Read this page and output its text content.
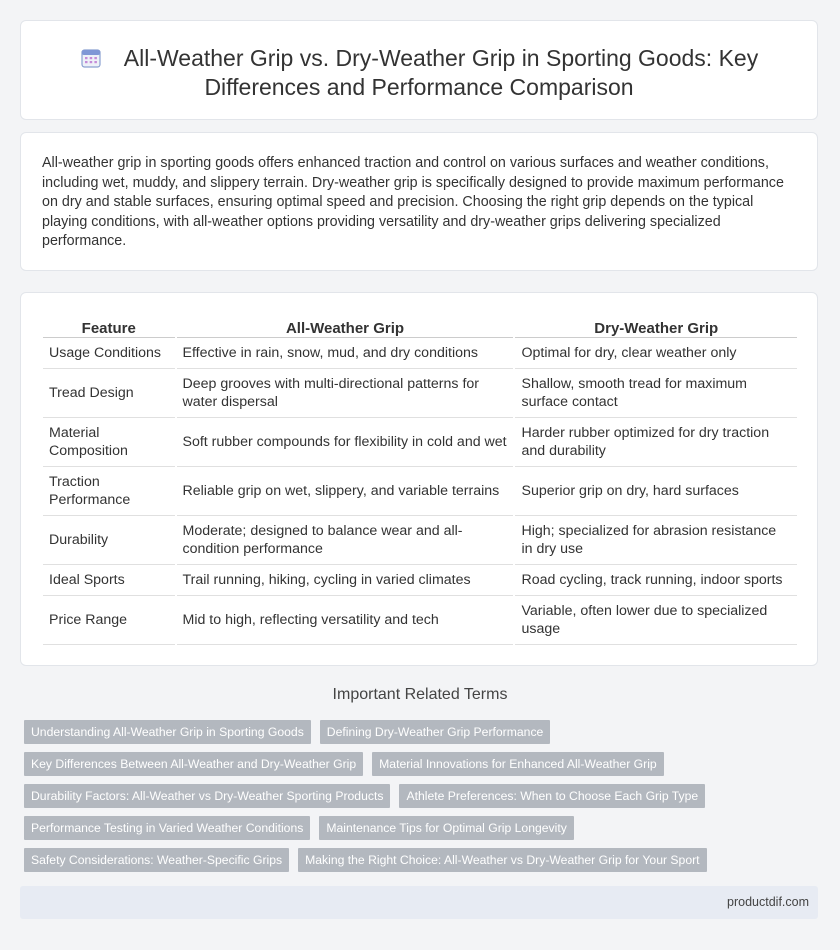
All-Weather Grip vs. Dry-Weather Grip in Sporting Goods: Key
Differences and Performance Comparison

All-weather grip in sporting goods offers enhanced traction and control on various surfaces and weather conditions, including wet, muddy, and slippery terrain. Dry-weather grip is specifically designed to provide maximum performance on dry and stable surfaces, ensuring optimal speed and precision. Choosing the right grip depends on the typical playing conditions, with all-weather options providing versatility and dry-weather grips delivering specialized performance.

Feature	All-Weather Grip	Dry-Weather Grip
Usage Conditions	Effective in rain, snow, mud, and dry conditions	Optimal for dry, clear weather only
Tread Design	Deep grooves with multi-directional patterns for water dispersal	Shallow, smooth tread for maximum surface contact
Material Composition	Soft rubber compounds for flexibility in cold and wet	Harder rubber optimized for dry traction and durability
Traction Performance	Reliable grip on wet, slippery, and variable terrains	Superior grip on dry, hard surfaces
Durability	Moderate; designed to balance wear and all-condition performance	High; specialized for abrasion resistance in dry use
Ideal Sports	Trail running, hiking, cycling in varied climates	Road cycling, track running, indoor sports
Price Range	Mid to high, reflecting versatility and tech	Variable, often lower due to specialized usage
Important Related Terms
Understanding All-Weather Grip in Sporting Goods Defining Dry-Weather Grip Performance
Key Differences Between All-Weather and Dry-Weather Grip Material Innovations for Enhanced All-Weather Grip
Durability Factors: All-Weather vs Dry-Weather Sporting Products Athlete Preferences: When to Choose Each Grip Type
Performance Testing in Varied Weather Conditions Maintenance Tips for Optimal Grip Longevity
Safety Considerations: Weather-Specific Grips Making the Right Choice: All-Weather vs Dry-Weather Grip for Your Sport
productdif.com
